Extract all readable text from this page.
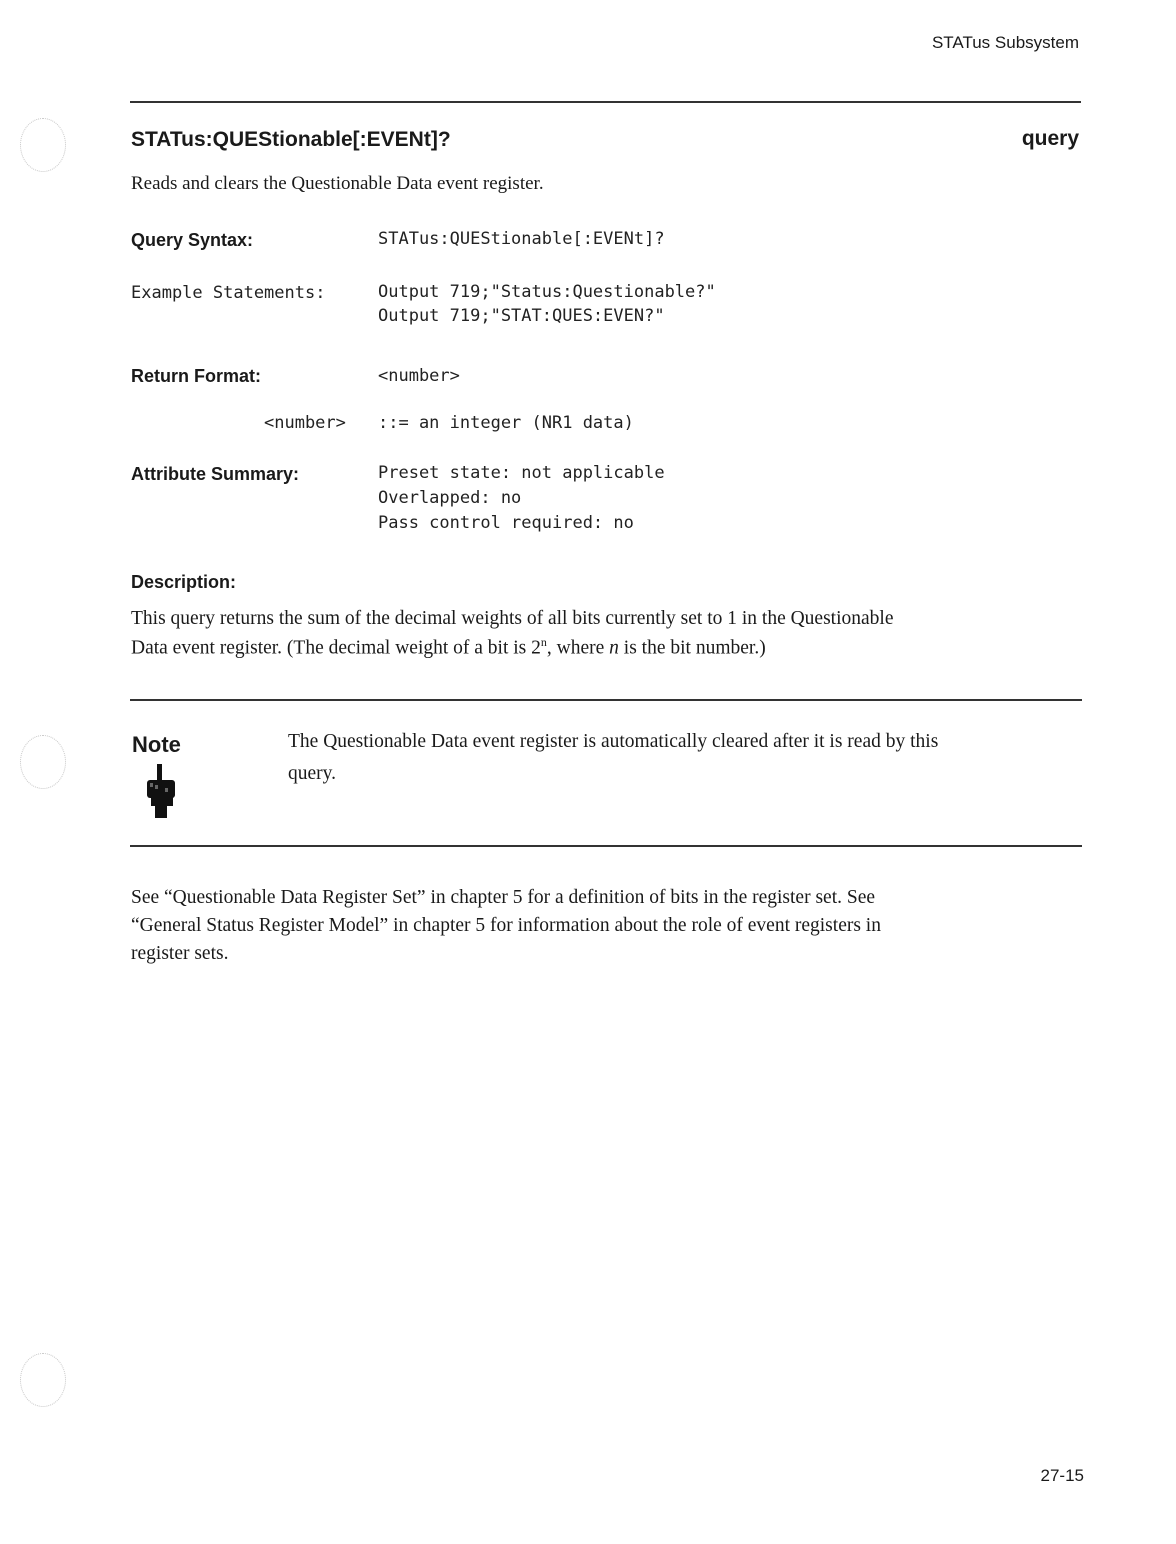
STATus Subsystem
STATus:QUEStionable[:EVENt]?	query
Reads and clears the Questionable Data event register.
Query Syntax:	STATus:QUEStionable[:EVENt]?
Example Statements:	Output 719;"Status:Questionable?"
Output 719;"STAT:QUES:EVEN?"
Return Format:	<number>
<number> ::= an integer (NR1 data)
Attribute Summary:	Preset state: not applicable
Overlapped: no
Pass control required: no
Description:
This query returns the sum of the decimal weights of all bits currently set to 1 in the Questionable
Data event register. (The decimal weight of a bit is 2$^n$, where n is the bit number.)
Note	The Questionable Data event register is automatically cleared after it is read by this
query.
See “Questionable Data Register Set” in chapter 5 for a definition of bits in the register set. See
“General Status Register Model” in chapter 5 for information about the role of event registers in
register sets.
27-15
